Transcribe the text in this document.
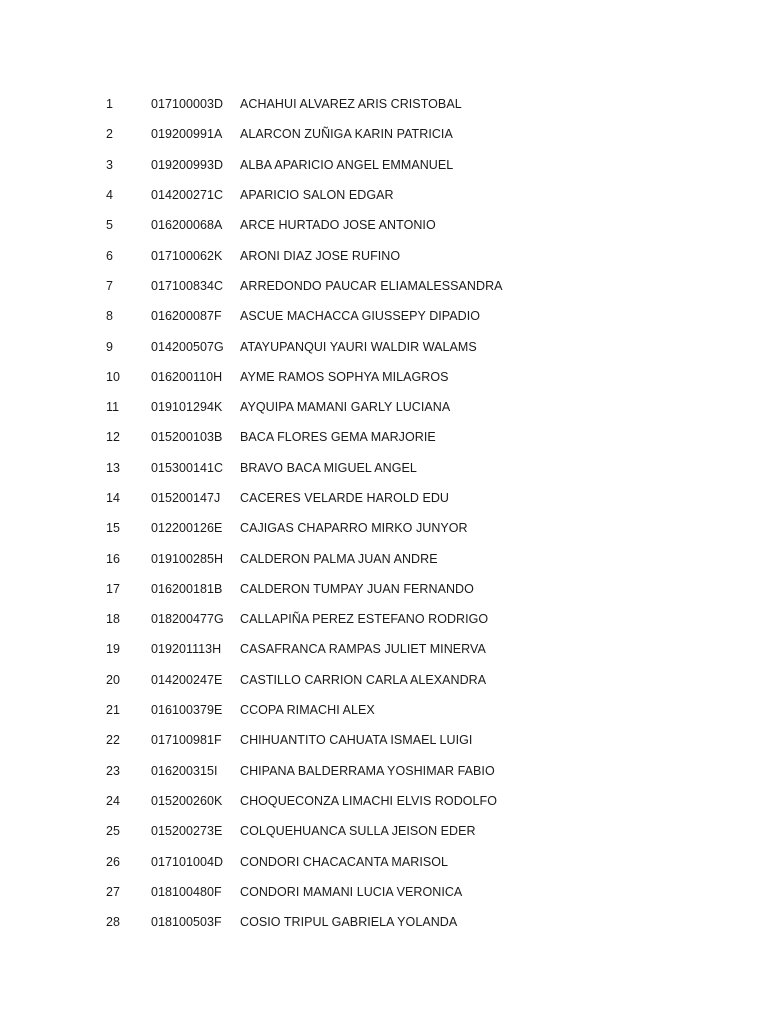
1	017100003D	ACHAHUI ALVAREZ ARIS CRISTOBAL
2	019200991A	ALARCON ZUÑIGA KARIN PATRICIA
3	019200993D	ALBA APARICIO ANGEL EMMANUEL
4	014200271C	APARICIO SALON EDGAR
5	016200068A	ARCE HURTADO JOSE ANTONIO
6	017100062K	ARONI DIAZ JOSE RUFINO
7	017100834C	ARREDONDO PAUCAR ELIAMALESSANDRA
8	016200087F	ASCUE MACHACCA GIUSSEPY DIPADIO
9	014200507G	ATAYUPANQUI YAURI WALDIR WALAMS
10	016200110H	AYME RAMOS SOPHYA MILAGROS
11	019101294K	AYQUIPA MAMANI GARLY LUCIANA
12	015200103B	BACA FLORES GEMA MARJORIE
13	015300141C	BRAVO BACA MIGUEL ANGEL
14	015200147J	CACERES VELARDE HAROLD EDU
15	012200126E	CAJIGAS CHAPARRO MIRKO JUNYOR
16	019100285H	CALDERON PALMA JUAN ANDRE
17	016200181B	CALDERON TUMPAY JUAN FERNANDO
18	018200477G	CALLAPIÑA PEREZ ESTEFANO RODRIGO
19	019201113H	CASAFRANCA RAMPAS JULIET MINERVA
20	014200247E	CASTILLO CARRION CARLA ALEXANDRA
21	016100379E	CCOPA RIMACHI ALEX
22	017100981F	CHIHUANTITO CAHUATA ISMAEL LUIGI
23	016200315I	CHIPANA BALDERRAMA YOSHIMAR FABIO
24	015200260K	CHOQUECONZA LIMACHI ELVIS RODOLFO
25	015200273E	COLQUEHUANCA SULLA JEISON EDER
26	017101004D	CONDORI CHACACANTA MARISOL
27	018100480F	CONDORI MAMANI LUCIA VERONICA
28	018100503F	COSIO TRIPUL GABRIELA YOLANDA
